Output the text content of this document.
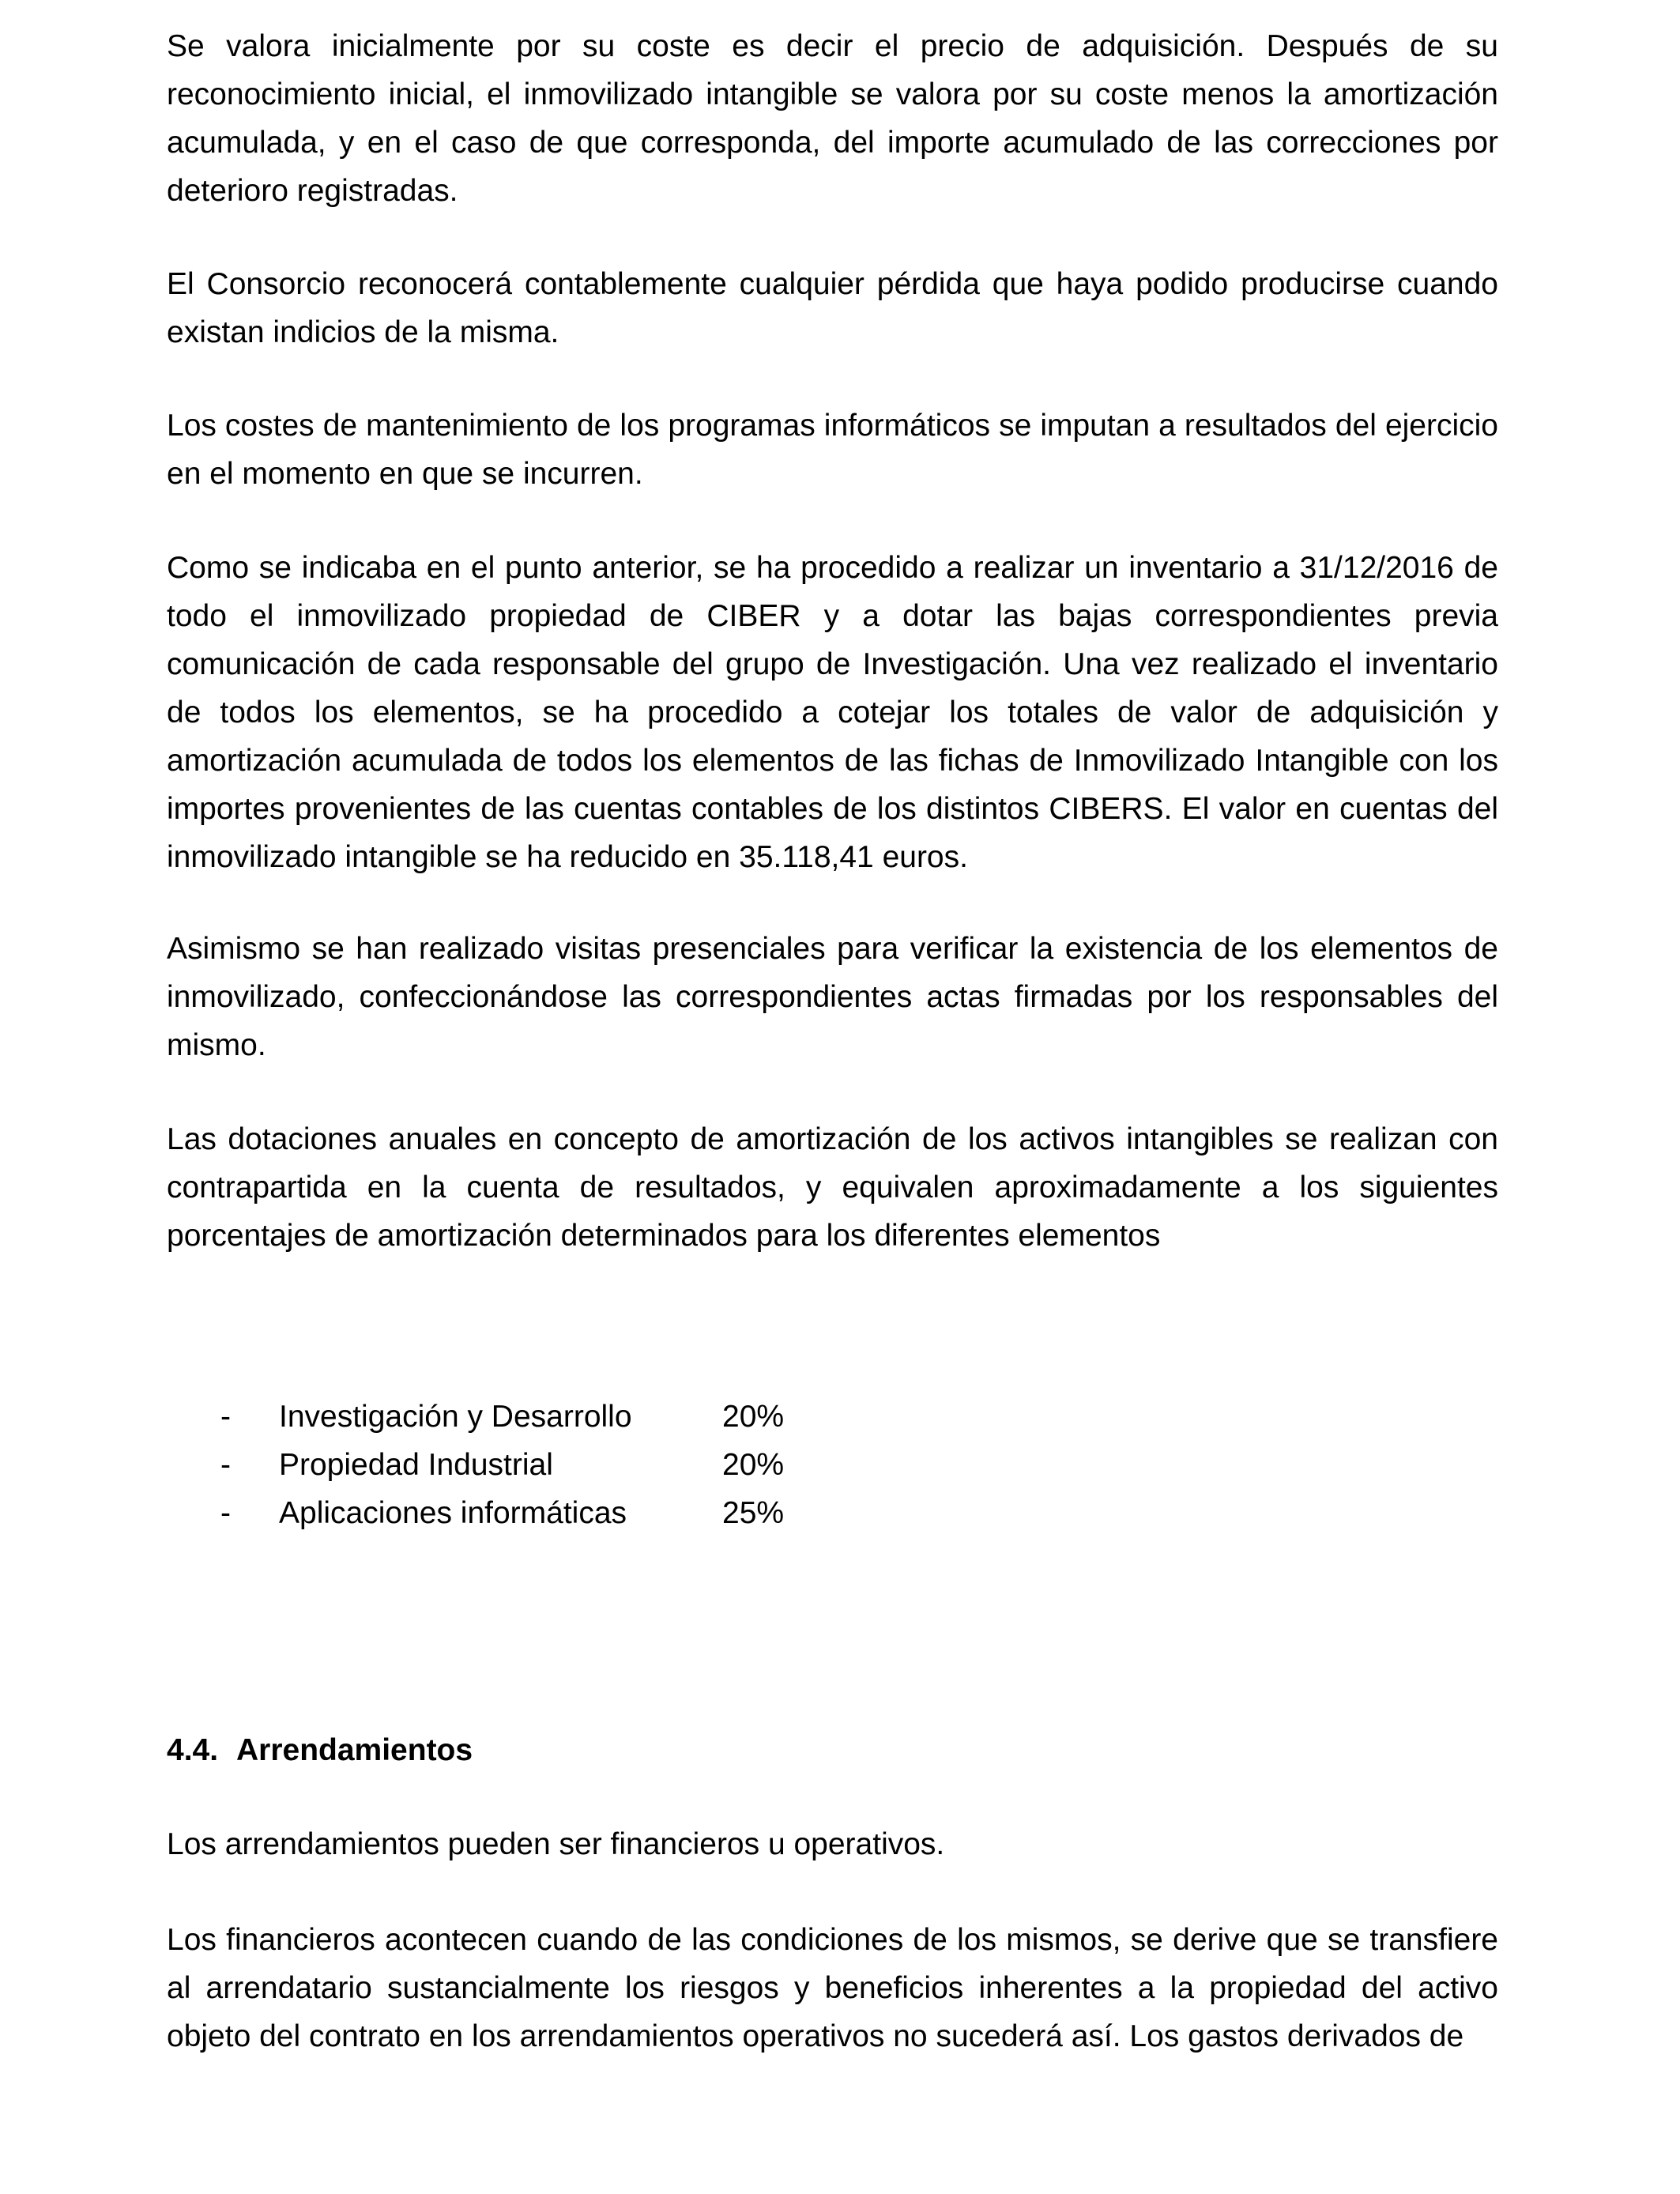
Se valora inicialmente por su coste es decir el precio de adquisición. Después de su reconocimiento inicial, el inmovilizado intangible se valora por su coste menos la amortización acumulada, y en el caso de que corresponda, del importe acumulado de las correcciones por deterioro registradas.

El Consorcio reconocerá contablemente cualquier pérdida que haya podido producirse cuando existan indicios de la misma.

Los costes de mantenimiento de los programas informáticos se imputan a resultados del ejercicio en el momento en que se incurren.

Como se indicaba en el punto anterior, se ha procedido a realizar un inventario a 31/12/2016 de todo el inmovilizado propiedad de CIBER y a dotar las bajas correspondientes previa comunicación de cada responsable del grupo de Investigación. Una vez realizado el inventario de todos los elementos, se ha procedido a cotejar los totales de valor de adquisición y amortización acumulada de todos los elementos de las fichas de Inmovilizado Intangible con los importes provenientes de las cuentas contables de los distintos CIBERS. El valor en cuentas del inmovilizado intangible se ha reducido en 35.118,41 euros.

Asimismo se han realizado visitas presenciales para verificar la existencia de los elementos de inmovilizado, confeccionándose las correspondientes actas firmadas por los responsables del mismo.

Las dotaciones anuales en concepto de amortización de los activos intangibles se realizan con contrapartida en la cuenta de resultados, y equivalen aproximadamente a los siguientes porcentajes de amortización determinados para los diferentes elementos

-	Investigación y Desarrollo	20%
-	Propiedad Industrial	20%
-	Aplicaciones informáticas	25%
4.4. Arrendamientos

Los arrendamientos pueden ser financieros u operativos.

Los financieros acontecen cuando de las condiciones de los mismos, se derive que se transfiere al arrendatario sustancialmente los riesgos y beneficios inherentes a la propiedad del activo objeto del contrato en los arrendamientos operativos no sucederá así. Los gastos derivados de
